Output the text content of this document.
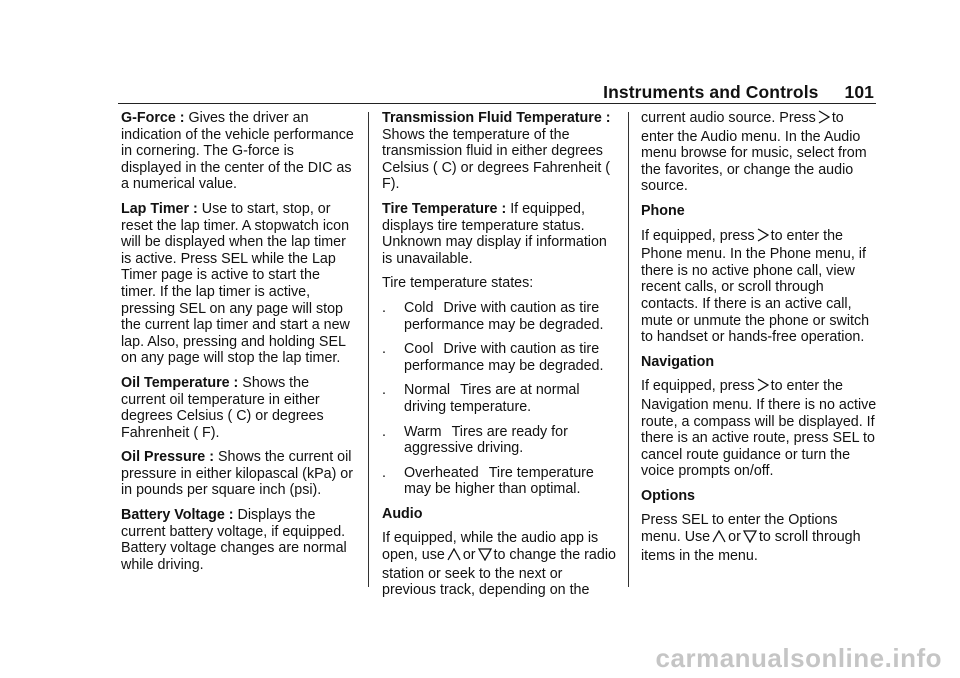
Instruments and Controls 101

G-Force : Gives the driver an indication of the vehicle performance in cornering. The G-force is displayed in the center of the DIC as a numerical value.

Lap Timer : Use to start, stop, or reset the lap timer. A stopwatch icon will be displayed when the lap timer is active. Press SEL while the Lap Timer page is active to start the timer. If the lap timer is active, pressing SEL on any page will stop the current lap timer and start a new lap. Also, pressing and holding SEL on any page will stop the lap timer.

Oil Temperature : Shows the current oil temperature in either degrees Celsius ( C) or degrees Fahrenheit ( F).

Oil Pressure : Shows the current oil pressure in either kilopascal (kPa) or in pounds per square inch (psi).

Battery Voltage : Displays the current battery voltage, if equipped. Battery voltage changes are normal while driving.

Transmission Fluid Temperature : Shows the temperature of the transmission fluid in either degrees Celsius ( C) or degrees Fahrenheit ( F).

Tire Temperature : If equipped, displays tire temperature status. Unknown may display if information is unavailable.

Tire temperature states:

.	Cold Drive with caution as tire performance may be degraded.
.	Cool Drive with caution as tire performance may be degraded.
.	Normal Tires are at normal driving temperature.
.	Warm Tires are ready for aggressive driving.
.	Overheated Tire temperature may be higher than optimal.

Audio

If equipped, while the audio app is open, use or to change the radio station or seek to the next or previous track, depending on the

current audio source. Press to enter the Audio menu. In the Audio menu browse for music, select from the favorites, or change the audio source.

Phone

If equipped, press to enter the Phone menu. In the Phone menu, if there is no active phone call, view recent calls, or scroll through contacts. If there is an active call, mute or unmute the phone or switch to handset or hands-free operation.

Navigation

If equipped, press to enter the Navigation menu. If there is no active route, a compass will be displayed. If there is an active route, press SEL to cancel route guidance or turn the voice prompts on/off.

Options

Press SEL to enter the Options menu. Use or to scroll through items in the menu.

carmanualsonline.info
